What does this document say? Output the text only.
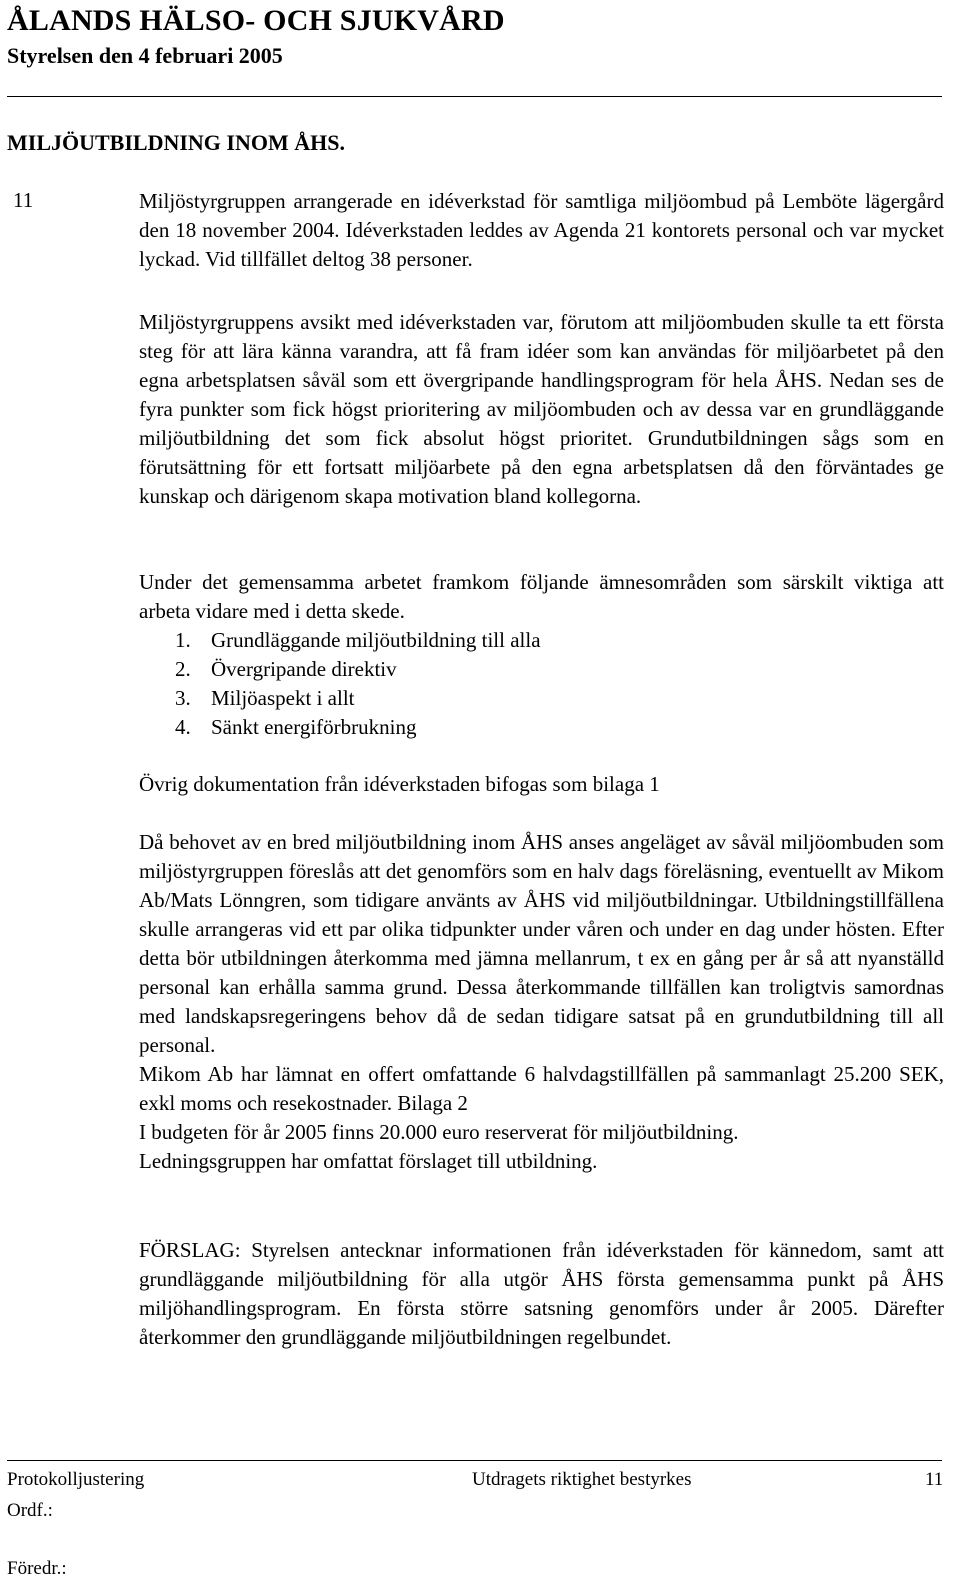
ÅLANDS HÄLSO- OCH SJUKVÅRD
Styrelsen den 4 februari 2005
MILJÖUTBILDNING INOM ÅHS.
11	Miljöstyrgruppen arrangerade en idéverkstad för samtliga miljöombud på Lemböte lägergård den 18 november 2004. Idéverkstaden leddes av Agenda 21 kontorets personal och var mycket lyckad. Vid tillfället deltog 38 personer.

Miljöstyrgruppens avsikt med idéverkstaden var, förutom att miljöombuden skulle ta ett första steg för att lära känna varandra, att få fram idéer som kan användas för miljöarbetet på den egna arbetsplatsen såväl som ett övergripande handlingsprogram för hela ÅHS. Nedan ses de fyra punkter som fick högst prioritering av miljöombuden och av dessa var en grundläggande miljöutbildning det som fick absolut högst prioritet. Grundutbildningen sågs som en förutsättning för ett fortsatt miljöarbete på den egna arbetsplatsen då den förväntades ge kunskap och därigenom skapa motivation bland kollegorna.

Under det gemensamma arbetet framkom följande ämnesområden som särskilt viktiga att arbeta vidare med i detta skede.

1. Grundläggande miljöutbildning till alla
2. Övergripande direktiv
3. Miljöaspekt i allt
4. Sänkt energiförbrukning

Övrig dokumentation från idéverkstaden bifogas som bilaga 1

Då behovet av en bred miljöutbildning inom ÅHS anses angeläget av såväl miljöombuden som miljöstyrgruppen föreslås att det genomförs som en halv dags föreläsning, eventuellt av Mikom Ab/Mats Lönngren, som tidigare använts av ÅHS vid miljöutbildningar. Utbildningstillfällena skulle arrangeras vid ett par olika tidpunkter under våren och under en dag under hösten. Efter detta bör utbildningen återkomma med jämna mellanrum, t ex en gång per år så att nyanställd personal kan erhålla samma grund. Dessa återkommande tillfällen kan troligtvis samordnas med landskapsregeringens behov då de sedan tidigare satsat på en grundutbildning till all personal.

Mikom Ab har lämnat en offert omfattande 6 halvdagstillfällen på sammanlagt 25.200 SEK, exkl moms och resekostnader. Bilaga 2

I budgeten för år 2005 finns 20.000 euro reserverat för miljöutbildning.

Ledningsgruppen har omfattat förslaget till utbildning.

FÖRSLAG: Styrelsen antecknar informationen från idéverkstaden för kännedom, samt att grundläggande miljöutbildning för alla utgör ÅHS första gemensamma punkt på ÅHS miljöhandlingsprogram. En första större satsning genomförs under år 2005. Därefter återkommer den grundläggande miljöutbildningen regelbundet.

Protokolljustering	Utdragets riktighet bestyrkes	11
Ordf.:
Föredr.:
